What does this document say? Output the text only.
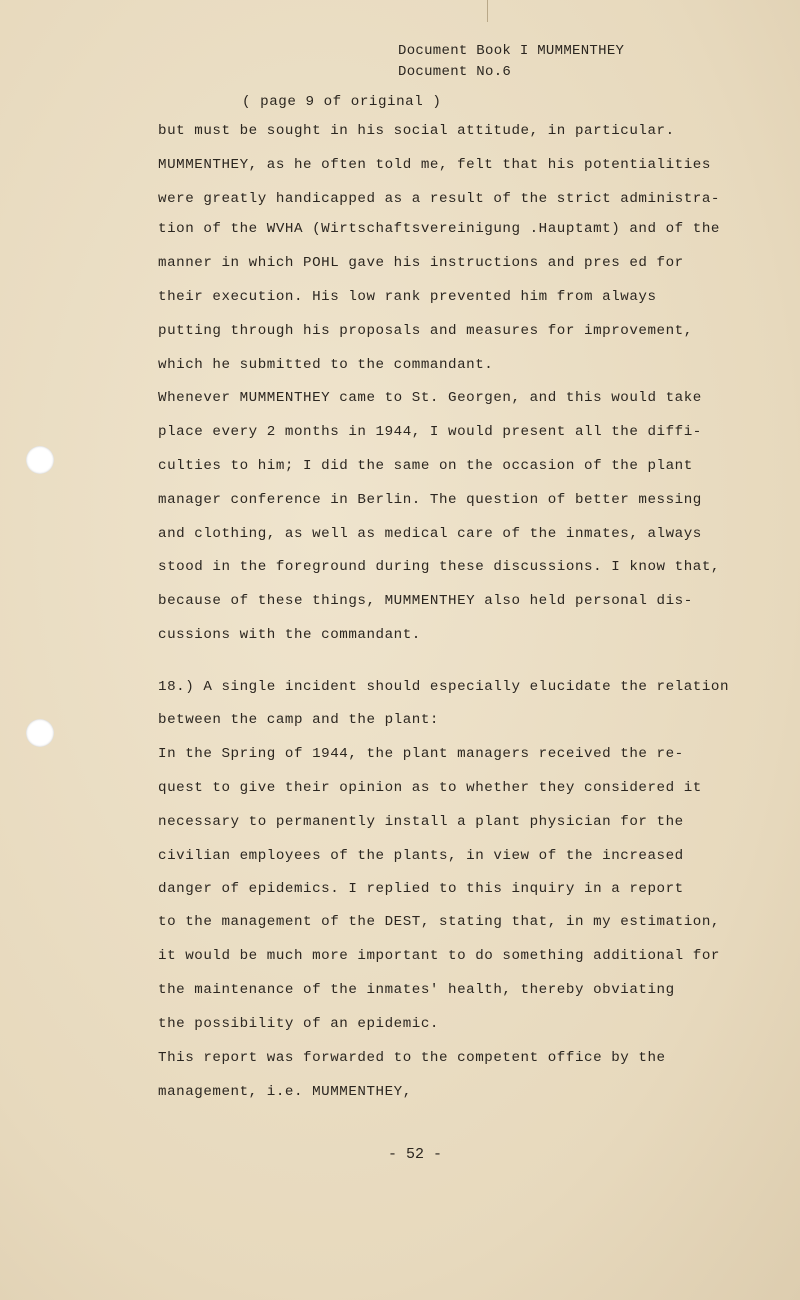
Document Book I MUMMENTHEY
Document No.6
( page 9 of original )
but must be sought in his social attitude, in particular.
MUMMENTHEY, as he often told me, felt that his potentialities
were greatly handicapped as a result of the strict administra-
tion of the WVHA (Wirtschaftsvereinigung .Hauptamt) and of the
manner in which POHL gave his instructions and pres ed for
their execution. His low rank prevented him from always
putting through his proposals and measures for improvement,
which he submitted to the commandant.
Whenever MUMMENTHEY came to St. Georgen, and this would take
place every 2 months in 1944, I would present all the diffi-
culties to him; I did the same on the occasion of the plant
manager conference in Berlin. The question of better messing
and clothing, as well as medical care of the inmates, always
stood in the foreground during these discussions. I know that,
because of these things, MUMMENTHEY also held personal dis-
cussions with the commandant.
18.) A single incident should especially elucidate the relation
between the camp and the plant:
In the Spring of 1944, the plant managers received the re-
quest to give their opinion as to whether they considered it
necessary to permanently install a plant physician for the
civilian employees of the plants, in view of the increased
danger of epidemics. I replied to this inquiry in a report
to the management of the DEST, stating that, in my estimation,
it would be much more important to do something additional for
the maintenance of the inmates' health, thereby obviating
the possibility of an epidemic.
This report was forwarded to the competent office by the
management, i.e. MUMMENTHEY,
- 52 -
